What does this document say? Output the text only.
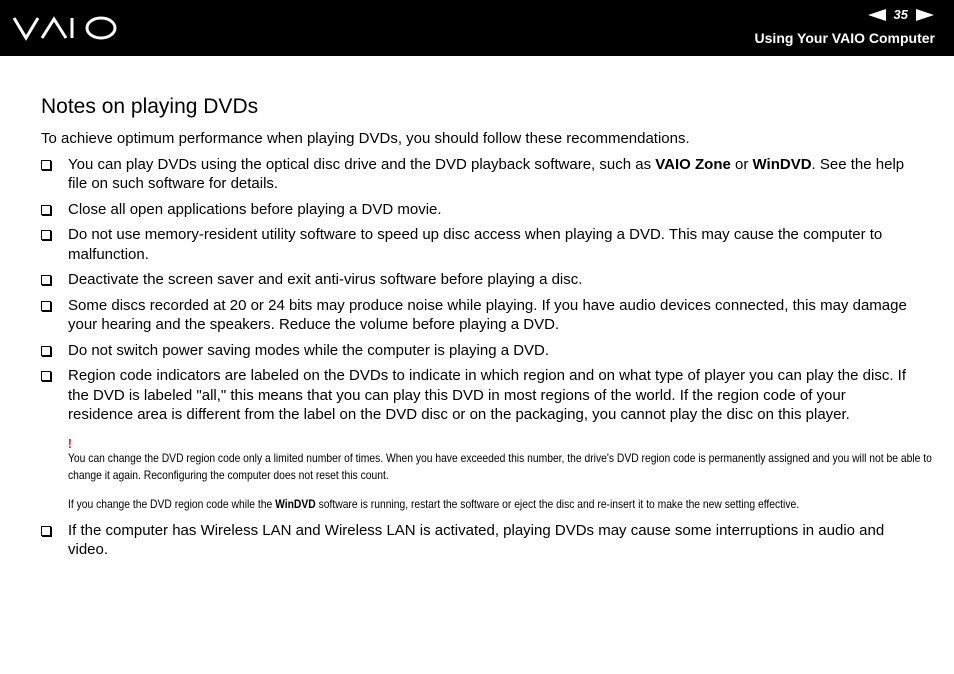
35
Using Your VAIO Computer
Notes on playing DVDs

To achieve optimum performance when playing DVDs, you should follow these recommendations.

You can play DVDs using the optical disc drive and the DVD playback software, such as VAIO Zone or WinDVD. See the help file on such software for details.
Close all open applications before playing a DVD movie.
Do not use memory-resident utility software to speed up disc access when playing a DVD. This may cause the computer to malfunction.
Deactivate the screen saver and exit anti-virus software before playing a disc.
Some discs recorded at 20 or 24 bits may produce noise while playing. If you have audio devices connected, this may damage your hearing and the speakers. Reduce the volume before playing a DVD.
Do not switch power saving modes while the computer is playing a DVD.
Region code indicators are labeled on the DVDs to indicate in which region and on what type of player you can play the disc. If the DVD is labeled "all," this means that you can play this DVD in most regions of the world. If the region code of your residence area is different from the label on the DVD disc or on the packaging, you cannot play the disc on this player.
!

You can change the DVD region code only a limited number of times. When you have exceeded this number, the drive's DVD region code is permanently assigned and you will not be able to change it again. Reconfiguring the computer does not reset this count.

If you change the DVD region code while the WinDVD software is running, restart the software or eject the disc and re-insert it to make the new setting effective.

If the computer has Wireless LAN and Wireless LAN is activated, playing DVDs may cause some interruptions in audio and video.
